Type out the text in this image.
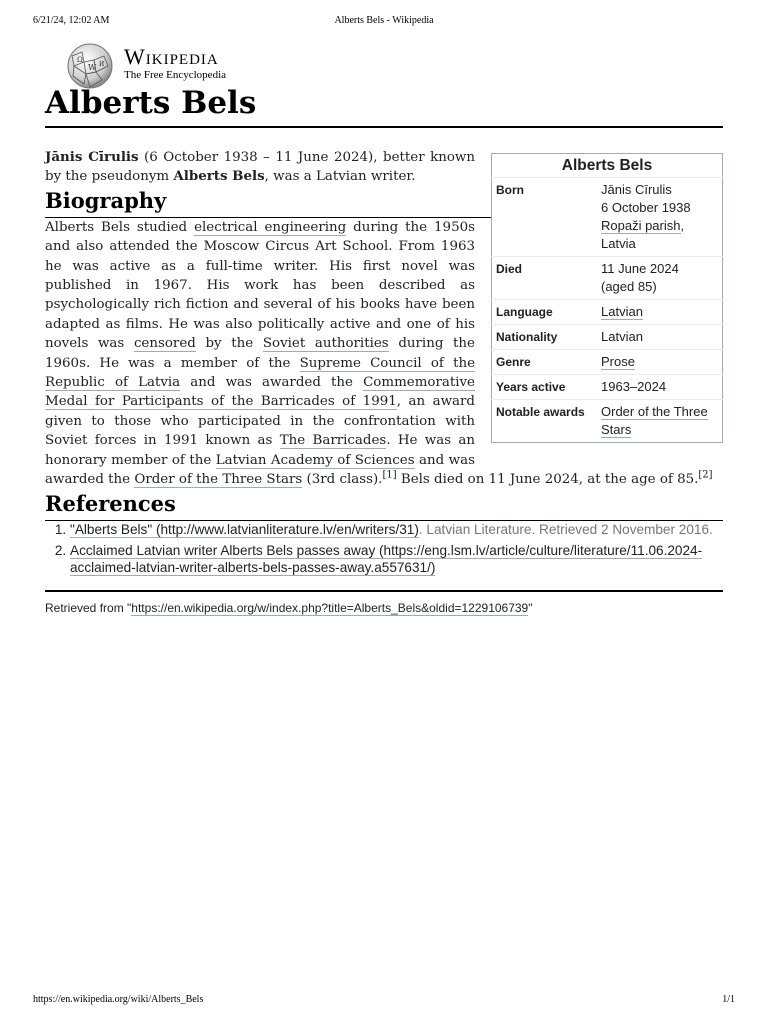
6/21/24, 12:02 AM	Alberts Bels - Wikipedia
Ω
W И Wikipedia
The Free Encyclopedia
Alberts Bels
Alberts Bels
Born	Jānis Cīrulis
6 October 1938
Ropaži parish,
Latvia

Died	11 June 2024
(aged 85)

Language	Latvian
Nationality	Latvian
Genre	Prose
Years active	1963–2024
Notable awards	Order of the Three Stars

Jānis Cīrulis (6 October 1938 – 11 June 2024), better known by the pseudonym Alberts Bels, was a Latvian writer.

Biography

Alberts Bels studied electrical engineering during the 1950s and also attended the Moscow Circus Art School. From 1963 he was active as a full-time writer. His first novel was published in 1967. His work has been described as psychologically rich fiction and several of his books have been adapted as films. He was also politically active and one of his novels was censored by the Soviet authorities during the 1960s. He was a member of the Supreme Council of the Republic of Latvia and was awarded the Commemorative Medal for Participants of the Barricades of 1991, an award given to those who participated in the confrontation with Soviet forces in 1991 known as The Barricades. He was an honorary member of the Latvian Academy of Sciences and was awarded the Order of the Three Stars (3rd class).[1] Bels died on 11 June 2024, at the age of 85.[2]

References
1. "Alberts Bels" (http://www.latvianliterature.lv/en/writers/31). Latvian Literature. Retrieved 2 November 2016.
2. Acclaimed Latvian writer Alberts Bels passes away (https://eng.lsm.lv/article/culture/literature/11.06.2024-acclaimed-latvian-writer-alberts-bels-passes-away.a557631/)
Retrieved from "https://en.wikipedia.org/w/index.php?title=Alberts_Bels&oldid=1229106739"
https://en.wikipedia.org/wiki/Alberts_Bels	1/1
